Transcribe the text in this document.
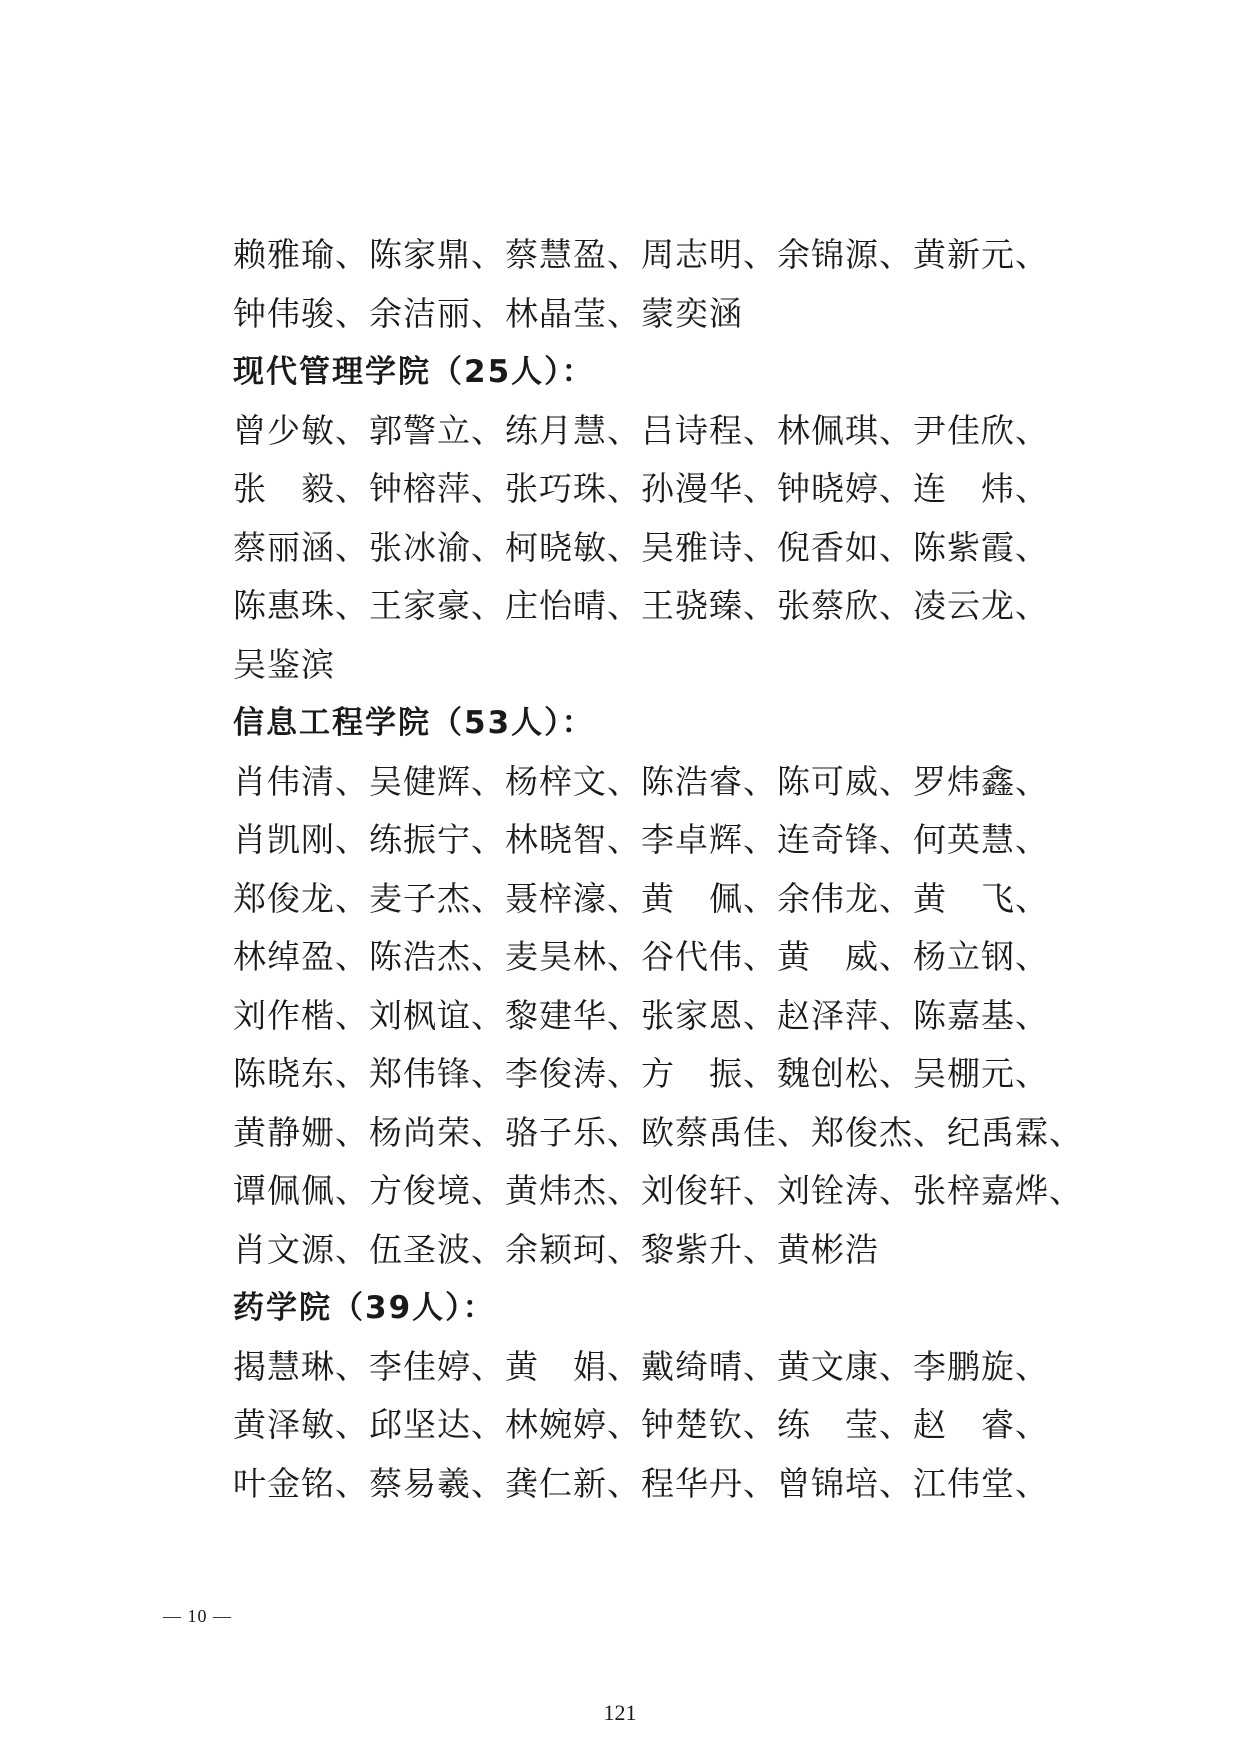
赖雅瑜、陈家鼎、蔡慧盈、周志明、余锦源、黄新元、
钟伟骏、余洁丽、林晶莹、蒙奕涵
现代管理学院（25人）：
曾少敏、郭警立、练月慧、吕诗程、林佩琪、尹佳欣、
张　毅、钟榕萍、张巧珠、孙漫华、钟晓婷、连　炜、
蔡丽涵、张冰渝、柯晓敏、吴雅诗、倪香如、陈紫霞、
陈惠珠、王家豪、庄怡晴、王骁臻、张蔡欣、凌云龙、
吴鉴滨
信息工程学院（53人）：
肖伟清、吴健辉、杨梓文、陈浩睿、陈可威、罗炜鑫、
肖凯刚、练振宁、林晓智、李卓辉、连奇锋、何英慧、
郑俊龙、麦子杰、聂梓濠、黄　佩、余伟龙、黄　飞、
林绰盈、陈浩杰、麦昊林、谷代伟、黄　威、杨立钢、
刘作楷、刘枫谊、黎建华、张家恩、赵泽萍、陈嘉基、
陈晓东、郑伟锋、李俊涛、方　振、魏创松、吴棚元、
黄静姗、杨尚荣、骆子乐、欧蔡禹佳、郑俊杰、纪禹霖、
谭佩佩、方俊境、黄炜杰、刘俊轩、刘铨涛、张梓嘉烨、
肖文源、伍圣波、余颖珂、黎紫升、黄彬浩
药学院（39人）：
揭慧琳、李佳婷、黄　娟、戴绮晴、黄文康、李鹏旋、
黄泽敏、邱坚达、林婉婷、钟楚钦、练　莹、赵　睿、
叶金铭、蔡易羲、龚仁新、程华丹、曾锦培、江伟堂、
— 10 —
121
